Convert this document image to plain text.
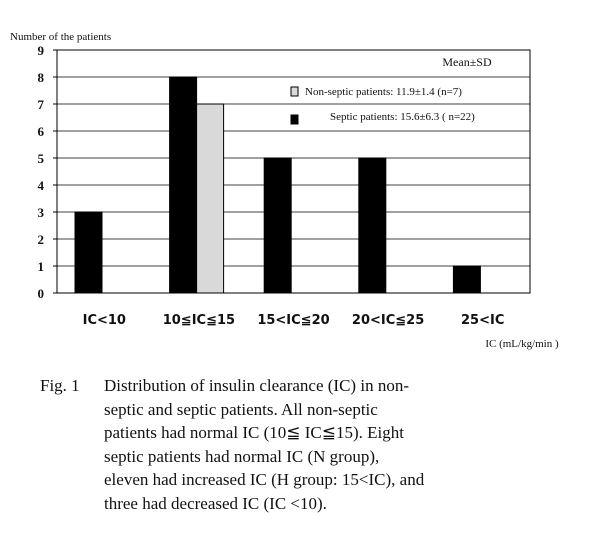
0
1
2
3
4
5
6
7
8
9
Number of the patients
IC<10	10≦IC≦15 15<IC≦20 20<IC≦25	25<IC
IC (mL/kg/min )
Mean±SD
Non-septic patients: 11.9±1.4 (n=7)
Septic patients: 15.6±6.3 ( n=22)
Fig. 1 Distribution of insulin clearance (IC) in non-
septic and septic patients. All non-septic
patients had normal IC (10≦ IC≦15). Eight
septic patients had normal IC (N group),
eleven had increased IC (H group: 15<IC), and
three had decreased IC (IC <10).
